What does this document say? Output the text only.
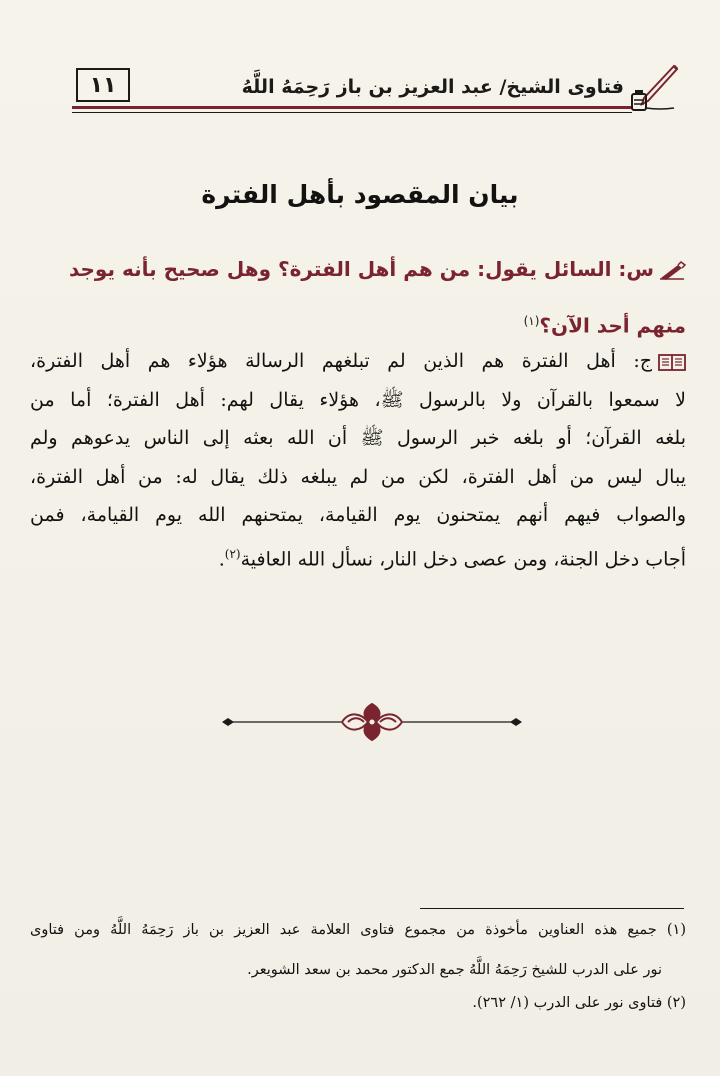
١١	فتاوى الشيخ/ عبد العزيز بن باز رَحِمَهُ اللَّهُ
بيان المقصود بأهل الفترة
س: السائل يقول: من هم أهل الفترة؟ وهل صحيح بأنه يوجد
منهم أحد الآن؟$^{(١)}$
ج: أهل الفترة هم الذين لم تبلغهم الرسالة هؤلاء هم أهل الفترة،
لا سمعوا بالقرآن ولا بالرسول ﷺ، هؤلاء يقال لهم: أهل الفترة؛ أما من
بلغه القرآن؛ أو بلغه خبر الرسول ﷺ أن الله بعثه إلى الناس يدعوهم ولم
يبال ليس من أهل الفترة، لكن من لم يبلغه ذلك يقال له: من أهل الفترة،
والصواب فيهم أنهم يمتحنون يوم القيامة، يمتحنهم الله يوم القيامة، فمن
أجاب دخل الجنة، ومن عصى دخل النار، نسأل الله العافية$^{(٢)}$.
(١) جميع هذه العناوين مأخوذة من مجموع فتاوى العلامة عبد العزيز بن باز رَحِمَهُ اللَّهُ ومن فتاوى
نور على الدرب للشيخ رَحِمَهُ اللَّهُ جمع الدكتور محمد بن سعد الشويعر.
(٢) فتاوى نور على الدرب (١/ ٢٦٢).
